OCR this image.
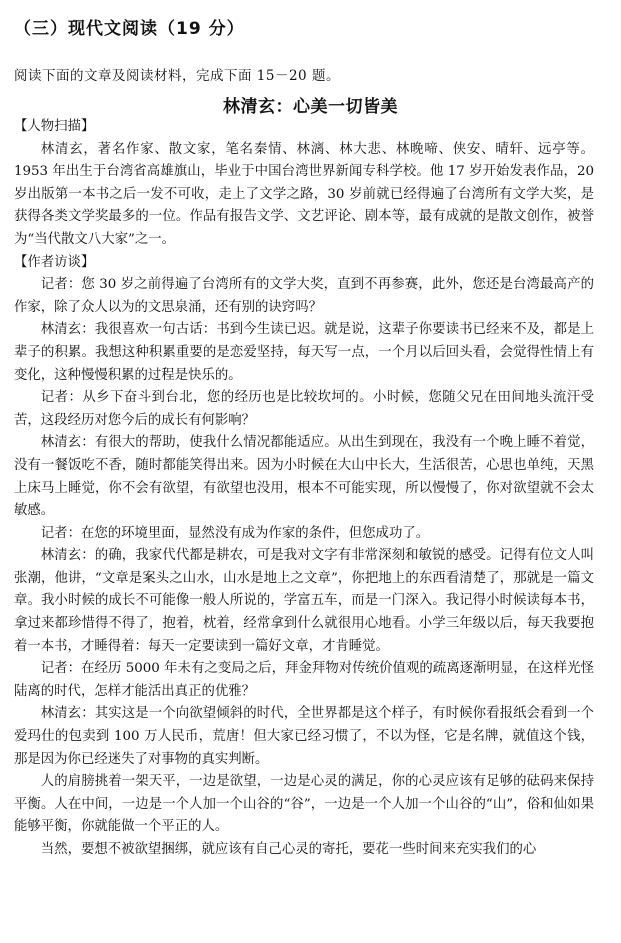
（三）现代文阅读（19 分）
阅读下面的文章及阅读材料，完成下面 15－20 题。
林清玄：心美一切皆美
【人物扫描】
林清玄，著名作家、散文家，笔名秦情、林漓、林大悲、林晚啼、侠安、晴轩、远亭等。1953 年出生于台湾省高雄旗山，毕业于中国台湾世界新闻专科学校。他 17 岁开始发表作品，20 岁出版第一本书之后一发不可收，走上了文学之路，30 岁前就已经得遍了台湾所有文学大奖，是获得各类文学奖最多的一位。作品有报告文学、文艺评论、剧本等，最有成就的是散文创作，被誉为“当代散文八大家”之一。
【作者访谈】
记者：您 30 岁之前得遍了台湾所有的文学大奖，直到不再参赛，此外，您还是台湾最高产的作家，除了众人以为的文思泉涌，还有别的诀窍吗？
林清玄：我很喜欢一句古话：书到今生读已迟。就是说，这辈子你要读书已经来不及，都是上辈子的积累。我想这种积累重要的是恋爱坚持，每天写一点，一个月以后回头看，会觉得性情上有变化，这种慢慢积累的过程是快乐的。
记者：从乡下奋斗到台北，您的经历也是比较坎坷的。小时候，您随父兄在田间地头流汗受苦，这段经历对您今后的成长有何影响？
林清玄：有很大的帮助，使我什么情况都能适应。从出生到现在，我没有一个晚上睡不着觉，没有一餐饭吃不香，随时都能笑得出来。因为小时候在大山中长大，生活很苦，心思也单纯，天黑上床马上睡觉，你不会有欲望，有欲望也没用，根本不可能实现，所以慢慢了，你对欲望就不会太敏感。
记者：在您的环境里面，显然没有成为作家的条件，但您成功了。
林清玄：的确，我家代代都是耕农，可是我对文字有非常深刻和敏锐的感受。记得有位文人叫张潮，他讲，“文章是案头之山水，山水是地上之文章”，你把地上的东西看清楚了，那就是一篇文章。我小时候的成长不可能像一般人所说的，学富五车，而是一门深入。我记得小时候读每本书，拿过来都珍惜得不得了，抱着，枕着，经常拿到什么就很用心地看。小学三年级以后，每天我要抱着一本书，才睡得着：每天一定要读到一篇好文章，才肯睡觉。
记者：在经历 5000 年未有之变局之后，拜金拜物对传统价值观的疏离逐渐明显，在这样光怪陆离的时代，怎样才能活出真正的优雅？
林清玄：其实这是一个向欲望倾斜的时代，全世界都是这个样子，有时候你看报纸会看到一个爱玛仕的包卖到 100 万人民币，荒唐！但大家已经习惯了，不以为怪，它是名牌，就值这个钱，那是因为你已经迷失了对事物的真实判断。
人的肩膀挑着一架天平，一边是欲望，一边是心灵的满足，你的心灵应该有足够的砝码来保持平衡。人在中间，一边是一个人加一个山谷的“谷”，一边是一个人加一个山谷的“山”，俗和仙如果能够平衡，你就能做一个平正的人。
当然，要想不被欲望捆绑，就应该有自己心灵的寄托，要花一些时间来充实我们的心
